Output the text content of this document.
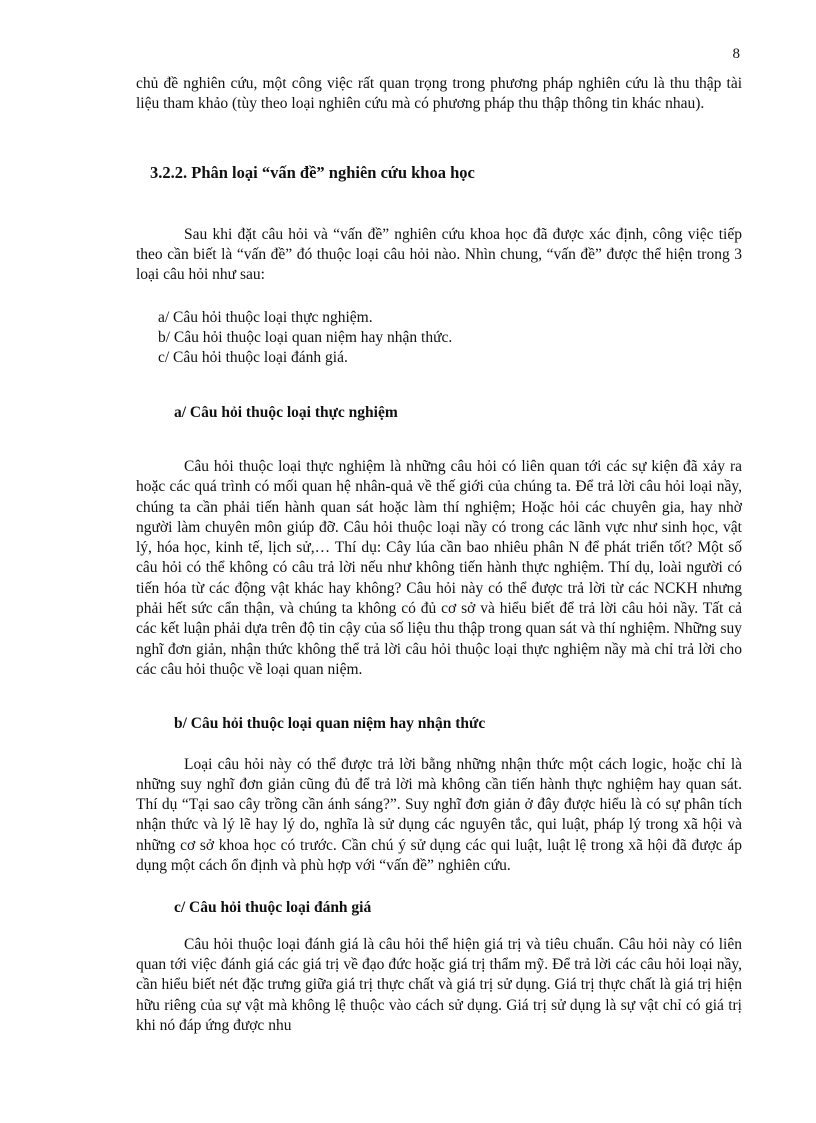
8

chủ đề nghiên cứu, một công việc rất quan trọng trong phương pháp nghiên cứu là thu thập tài liệu tham khảo (tùy theo loại nghiên cứu mà có phương pháp thu thập thông tin khác nhau).

3.2.2. Phân loại “vấn đề” nghiên cứu khoa học

Sau khi đặt câu hỏi và “vấn đề” nghiên cứu khoa học đã được xác định, công việc tiếp theo cần biết là “vấn đề” đó thuộc loại câu hỏi nào. Nhìn chung, “vấn đề” được thể hiện trong 3 loại câu hỏi như sau:

a/ Câu hỏi thuộc loại thực nghiệm.
b/ Câu hỏi thuộc loại quan niệm hay nhận thức.
c/ Câu hỏi thuộc loại đánh giá.

a/ Câu hỏi thuộc loại thực nghiệm

Câu hỏi thuộc loại thực nghiệm là những câu hỏi có liên quan tới các sự kiện đã xảy ra hoặc các quá trình có mối quan hệ nhân-quả về thế giới của chúng ta. Để trả lời câu hỏi loại nầy, chúng ta cần phải tiến hành quan sát hoặc làm thí nghiệm; Hoặc hỏi các chuyên gia, hay nhờ người làm chuyên môn giúp đỡ. Câu hỏi thuộc loại nầy có trong các lãnh vực như sinh học, vật lý, hóa học, kinh tế, lịch sử,… Thí dụ: Cây lúa cần bao nhiêu phân N để phát triển tốt? Một số câu hỏi có thể không có câu trả lời nếu như không tiến hành thực nghiệm. Thí dụ, loài người có tiến hóa từ các động vật khác hay không? Câu hỏi này có thể được trả lời từ các NCKH nhưng phải hết sức cẩn thận, và chúng ta không có đủ cơ sở và hiểu biết để trả lời câu hỏi nầy. Tất cả các kết luận phải dựa trên độ tin cậy của số liệu thu thập trong quan sát và thí nghiệm. Những suy nghĩ đơn giản, nhận thức không thể trả lời câu hỏi thuộc loại thực nghiệm nầy mà chỉ trả lời cho các câu hỏi thuộc về loại quan niệm.

b/ Câu hỏi thuộc loại quan niệm hay nhận thức

Loại câu hỏi này có thể được trả lời bằng những nhận thức một cách logic, hoặc chỉ là những suy nghĩ đơn giản cũng đủ để trả lời mà không cần tiến hành thực nghiệm hay quan sát. Thí dụ “Tại sao cây trồng cần ánh sáng?”. Suy nghĩ đơn giản ở đây được hiểu là có sự phân tích nhận thức và lý lẽ hay lý do, nghĩa là sử dụng các nguyên tắc, qui luật, pháp lý trong xã hội và những cơ sở khoa học có trước. Cần chú ý sử dụng các qui luật, luật lệ trong xã hội đã được áp dụng một cách ổn định và phù hợp với “vấn đề” nghiên cứu.

c/ Câu hỏi thuộc loại đánh giá

Câu hỏi thuộc loại đánh giá là câu hỏi thể hiện giá trị và tiêu chuẩn. Câu hỏi này có liên quan tới việc đánh giá các giá trị về đạo đức hoặc giá trị thẩm mỹ. Để trả lời các câu hỏi loại nầy, cần hiểu biết nét đặc trưng giữa giá trị thực chất và giá trị sử dụng. Giá trị thực chất là giá trị hiện hữu riêng của sự vật mà không lệ thuộc vào cách sử dụng. Giá trị sử dụng là sự vật chỉ có giá trị khi nó đáp ứng được nhu
